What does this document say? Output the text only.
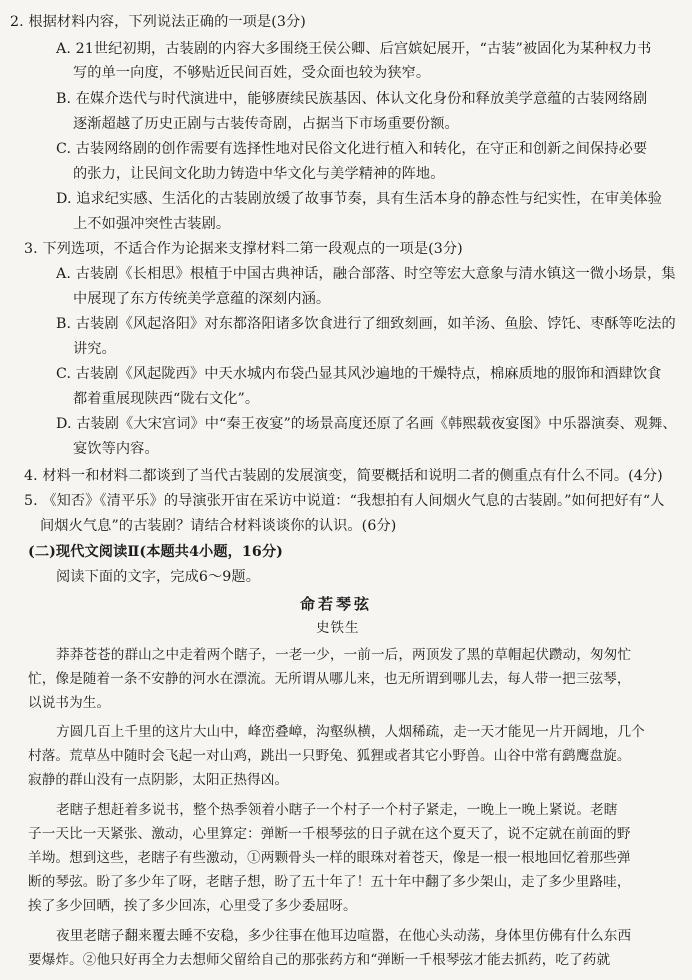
2. 根据材料内容，下列说法正确的一项是(3分)
A. 21世纪初期，古装剧的内容大多围绕王侯公卿、后宫嫔妃展开，“古装”被固化为某种权力书
写的单一向度，不够贴近民间百姓，受众面也较为狭窄。
B. 在媒介迭代与时代演进中，能够赓续民族基因、体认文化身份和释放美学意蕴的古装网络剧
逐渐超越了历史正剧与古装传奇剧，占据当下市场重要份额。
C. 古装网络剧的创作需要有选择性地对民俗文化进行植入和转化，在守正和创新之间保持必要
的张力，让民间文化助力铸造中华文化与美学精神的阵地。
D. 追求纪实感、生活化的古装剧放缓了故事节奏，具有生活本身的静态性与纪实性，在审美体验
上不如强冲突性古装剧。
3. 下列选项，不适合作为论据来支撑材料二第一段观点的一项是(3分)
A. 古装剧《长相思》根植于中国古典神话，融合部落、时空等宏大意象与清水镇这一微小场景，集
中展现了东方传统美学意蕴的深刻内涵。
B. 古装剧《风起洛阳》对东都洛阳诸多饮食进行了细致刻画，如羊汤、鱼脍、饽饦、枣酥等吃法的
讲究。
C. 古装剧《风起陇西》中天水城内布袋凸显其风沙遍地的干燥特点，棉麻质地的服饰和酒肆饮食
都着重展现陕西“陇右文化”。
D. 古装剧《大宋宫词》中“秦王夜宴”的场景高度还原了名画《韩熙载夜宴图》中乐器演奏、观舞、
宴饮等内容。
4. 材料一和材料二都谈到了当代古装剧的发展演变，简要概括和说明二者的侧重点有什么不同。(4分)
5. 《知否》《清平乐》的导演张开宙在采访中说道：“我想拍有人间烟火气息的古装剧。”如何把好有“人
间烟火气息”的古装剧？请结合材料谈谈你的认识。(6分)
(二)现代文阅读Ⅱ(本题共4小题，16分)
阅读下面的文字，完成6～9题。
命若琴弦
史铁生
莽莽苍苍的群山之中走着两个瞎子，一老一少，一前一后，两顶发了黑的草帽起伏躜动，匆匆忙
忙，像是随着一条不安静的河水在漂流。无所谓从哪儿来，也无所谓到哪儿去，每人带一把三弦琴，
以说书为生。
方圆几百上千里的这片大山中，峰峦叠嶂，沟壑纵横，人烟稀疏，走一天才能见一片开阔地，几个
村落。荒草丛中随时会飞起一对山鸡，跳出一只野兔、狐狸或者其它小野兽。山谷中常有鹞鹰盘旋。
寂静的群山没有一点阴影，太阳正热得凶。
老瞎子想赶着多说书，整个热季领着小瞎子一个村子一个村子紧走，一晚上一晚上紧说。老瞎
子一天比一天紧张、激动，心里算定：弹断一千根琴弦的日子就在这个夏天了，说不定就在前面的野
羊坳。想到这些，老瞎子有些激动，①两颗骨头一样的眼珠对着苍天，像是一根一根地回忆着那些弹
断的琴弦。盼了多少年了呀，老瞎子想，盼了五十年了！五十年中翻了多少架山，走了多少里路哇，
挨了多少回晒，挨了多少回冻，心里受了多少委屈呀。
夜里老瞎子翻来覆去睡不安稳，多少往事在他耳边喧嚣，在他心头动荡，身体里仿佛有什么东西
要爆炸。②他只好再全力去想师父留给自己的那张药方和“弹断一千根琴弦才能去抓药，吃了药就
